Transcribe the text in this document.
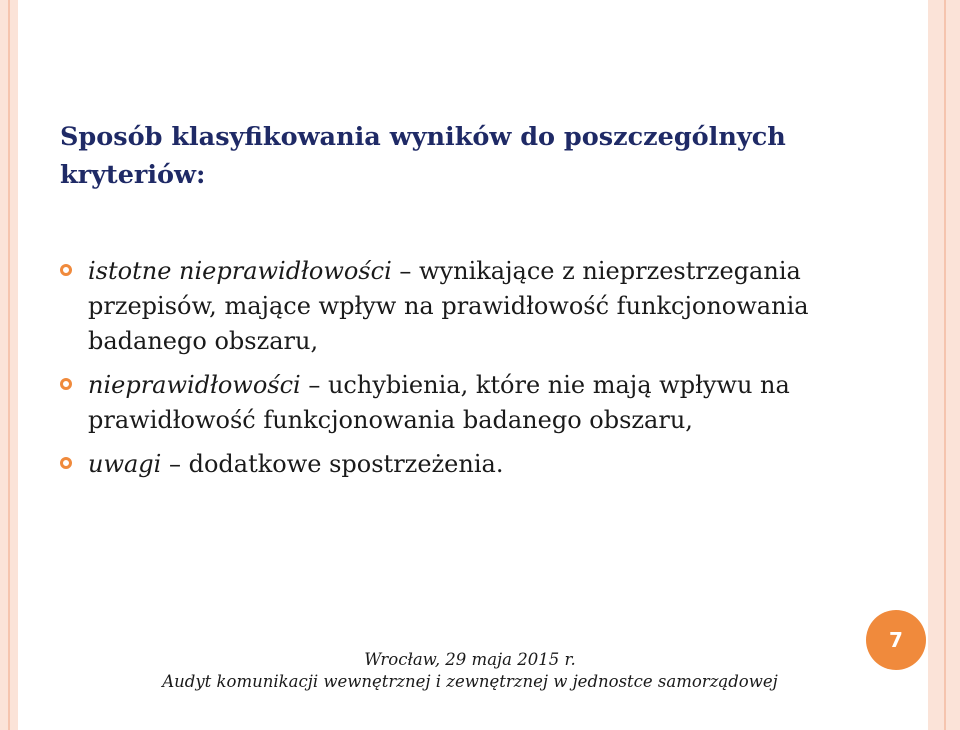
Sposób klasyfikowania wyników do poszczególnych kryteriów:
istotne nieprawidłowości – wynikające z nieprzestrzegania przepisów, mające wpływ na prawidłowość funkcjonowania badanego obszaru,
nieprawidłowości – uchybienia, które nie mają wpływu na prawidłowość funkcjonowania badanego obszaru,
uwagi – dodatkowe spostrzeżenia.
Wrocław, 29 maja 2015 r.
Audyt komunikacji wewnętrznej i zewnętrznej w jednostce samorządowej
7
